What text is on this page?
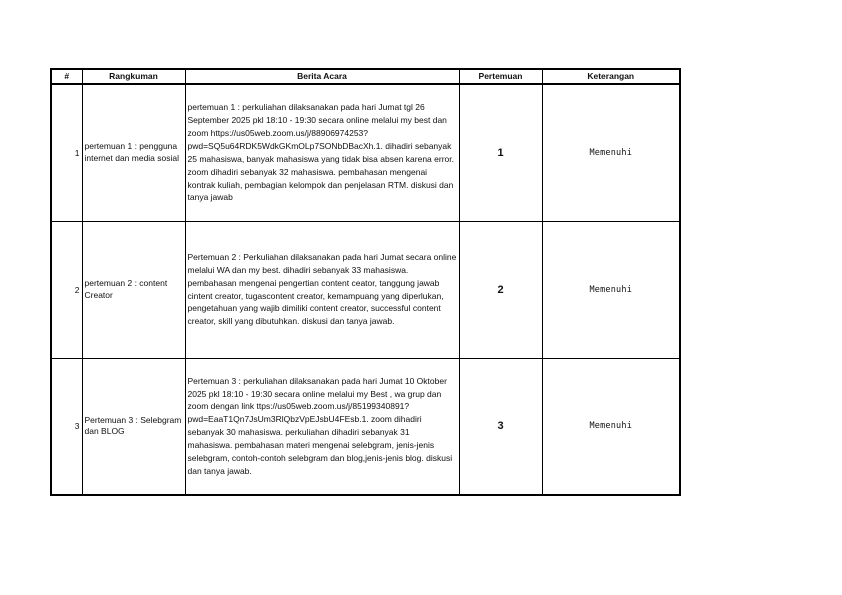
#	Rangkuman	Berita Acara	Pertemuan	Keterangan
1	pertemuan 1 : pengguna internet dan media sosial	pertemuan 1 : perkuliahan dilaksanakan pada hari Jumat tgl 26 September 2025 pkl 18:10 - 19:30 secara online melalui my best dan zoom https://us05web.zoom.us/j/88906974253?pwd=SQ5u64RDK5WdkGKmOLp7SONbDBacXh.1. dihadiri sebanyak 25 mahasiswa, banyak mahasiswa yang tidak bisa absen karena error. zoom dihadiri sebanyak 32 mahasiswa. pembahasan mengenai kontrak kuliah, pembagian kelompok dan penjelasan RTM. diskusi dan tanya jawab	1	Memenuhi
2	pertemuan 2 : content Creator	Pertemuan 2 : Perkuliahan dilaksanakan pada hari Jumat secara online melalui WA dan my best. dihadiri sebanyak 33 mahasiswa. pembahasan mengenai pengertian content ceator, tanggung jawab cintent creator, tugascontent creator, kemampuang yang diperlukan, pengetahuan yang wajib dimiliki content creator, successful content creator, skill yang dibutuhkan. diskusi dan tanya jawab.	2	Memenuhi
3	Pertemuan 3 : Selebgram dan BLOG	Pertemuan 3 : perkuliahan dilaksanakan pada hari Jumat 10 Oktober 2025 pkl 18:10 - 19:30 secara online melalui my Best , wa grup dan zoom dengan link ttps://us05web.zoom.us/j/85199340891?pwd=EaaT1Qn7JsUm3RlQbzVpEJsbU4FEsb.1. zoom dihadiri sebanyak 30 mahasiswa. perkuliahan dihadiri sebanyak 31 mahasiswa. pembahasan materi mengenai selebgram, jenis-jenis selebgram, contoh-contoh selebgram dan blog,jenis-jenis blog. diskusi dan tanya jawab.	3	Memenuhi
